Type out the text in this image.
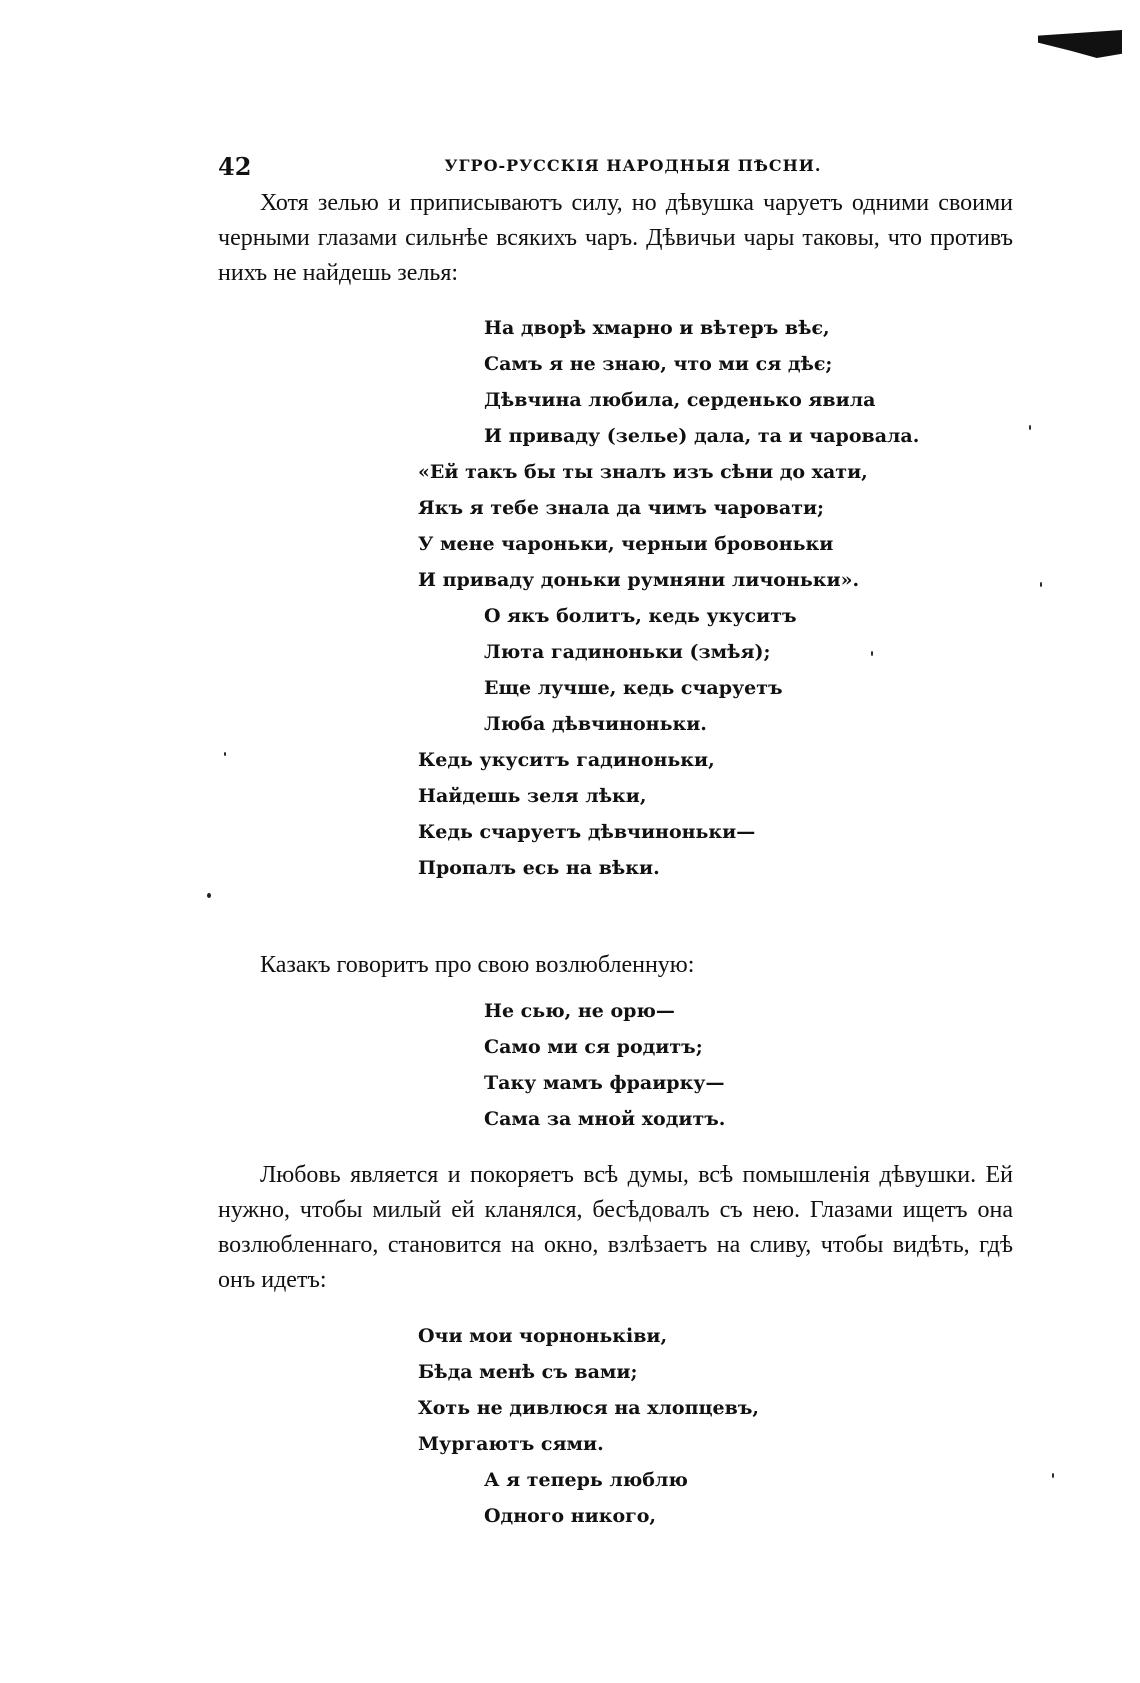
42	УГРО-РУССКІЯ НАРОДНЫЯ ПѢСНИ.

Хотя зелью и приписываютъ силу, но дѣвушка чаруетъ одними своими черными глазами сильнѣе всякихъ чаръ. Дѣвичьи чары таковы, что противъ нихъ не найдешь зелья:

На дворѣ хмарно и вѣтеръ вѣє,
Самъ я не знаю, что ми ся дѣє;
Дѣвчина любила, серденько явила
И приваду (зелье) дала, та и чаровала.
«Ей такъ бы ты зналъ изъ сѣни до хати,
Якъ я тебе знала да чимъ чаровати;
У мене чароньки, черныи бровоньки
И приваду доньки румняни личоньки».
О якъ болитъ, кедь укуситъ
Люта гадиноньки (змѣя);
Еще лучше, кедь счаруетъ
Люба дѣвчиноньки.
Кедь укуситъ гадиноньки,
Найдешь зеля лѣки,
Кедь счаруетъ дѣвчиноньки—
Пропалъ есь на вѣки.

Казакъ говоритъ про свою возлюбленную:

Не сью, не орю—
Само ми ся родитъ;
Таку мамъ фраирку—
Сама за мной ходитъ.

Любовь является и покоряетъ всѣ думы, всѣ помышленія дѣвушки. Ей нужно, чтобы милый ей кланялся, бесѣдовалъ съ нею. Глазами ищетъ она возлюбленнаго, становится на окно, взлѣзаетъ на сливу, чтобы видѣть, гдѣ онъ идетъ:

Очи мои чорноньківи,
Бѣда менѣ съ вами;
Хоть не дивлюся на хлопцевъ,
Мургаютъ сями.
А я теперь люблю
Одного никого,
